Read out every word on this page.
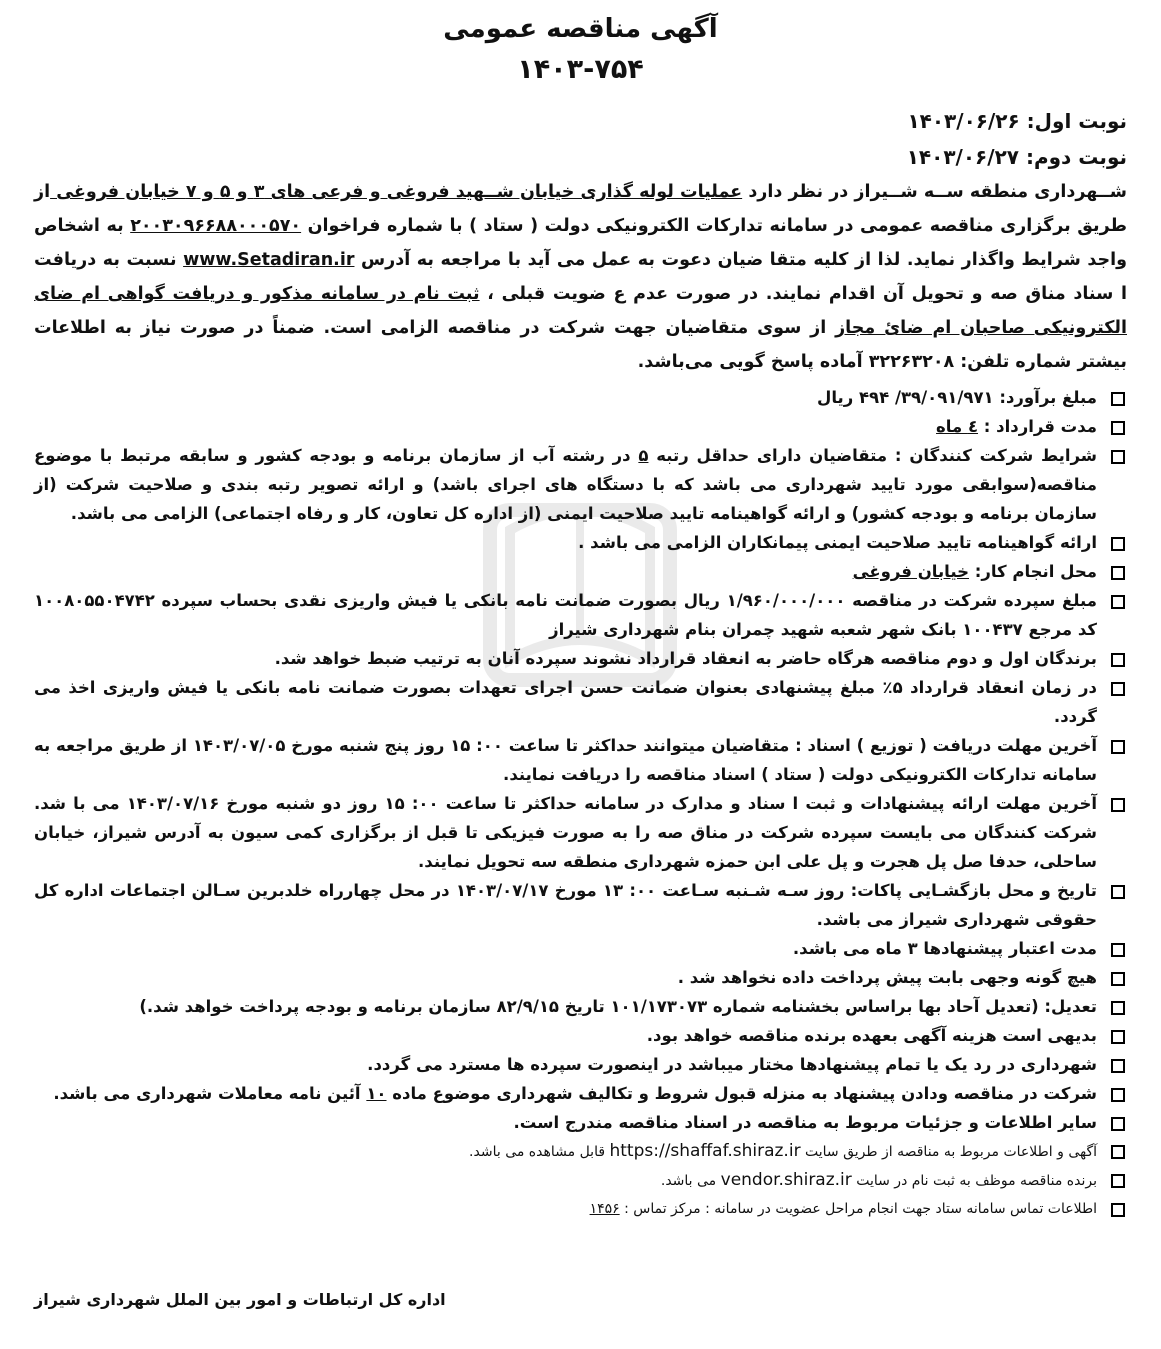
آگهی مناقصه عمومی
۱۴۰۳-۷۵۴
نوبت اول: ۱۴۰۳/۰۶/۲۶
نوبت دوم: ۱۴۰۳/۰۶/۲۷
شــهرداری منطقه ســه شــیراز در نظر دارد عملیات لوله گذاری خیابان شــهید فروغی و فرعی های ۳ و ۵ و ۷ خیابان فروغی از طریق برگزاری مناقصه عمومی در سامانه تدارکات الکترونیکی دولت ( ستاد ) با شماره فراخوان ۲۰۰۳۰۹۶۶۸۸۰۰۰۵۷۰ به اشخاص واجد شرایط واگذار نماید. لذا از کلیه متقا ضیان دعوت به عمل می آید با مراجعه به آدرس www.Setadiran.ir نسبت به دریافت ا سناد مناق صه و تحویل آن اقدام نمایند. در صورت عدم ع ضویت قبلی ، ثبت نام در سامانه مذکور و دریافت گواهی ام ضای الکترونیکی صاحبان ام ضائ مجاز از سوی متقاضیان جهت شرکت در مناقصه الزامی است. ضمناً در صورت نیاز به اطلاعات بیشتر شماره تلفن: ۳۲۲۶۳۲۰۸ آماده پاسخ گویی می‌باشد.
مبلغ برآورد: ۳۹/۰۹۱/۹۷۱/ ۴۹۴ ریال
مدت قرارداد : ٤ ماه
شرایط شرکت کنندگان : متقاضیان دارای حداقل رتبه ۵ در رشته آب از سازمان برنامه و بودجه کشور و سابقه مرتبط با موضوع مناقصه(سوابقی مورد تایید شهرداری می باشد که با دستگاه های اجرای باشد) و ارائه تصویر رتبه بندی و صلاحیت شرکت (از سازمان برنامه و بودجه کشور) و ارائه گواهینامه تایید صلاحیت ایمنی (از اداره کل تعاون، کار و رفاه اجتماعی) الزامی می باشد.
ارائه گواهینامه تایید صلاحیت ایمنی پیمانکاران الزامی می باشد .
محل انجام کار: خیابان فروغی
مبلغ سپرده شرکت در مناقصه ۱/۹۶۰/۰۰۰/۰۰۰ ریال بصورت ضمانت نامه بانکی یا فیش واریزی نقدی بحساب سپرده ۱۰۰۸۰۵۵۰۴۷۴۲ کد مرجع ۱۰۰۴۳۷ بانک شهر شعبه شهید چمران بنام شهرداری شیراز
برندگان اول و دوم مناقصه هرگاه حاضر به انعقاد قرارداد نشوند سپرده آنان به ترتیب ضبط خواهد شد.
در زمان انعقاد قرارداد ۵٪ مبلغ پیشنهادی بعنوان ضمانت حسن اجرای تعهدات بصورت ضمانت نامه بانکی یا فیش واریزی اخذ می گردد.
آخرین مهلت دریافت ( توزیع ) اسناد : متقاضیان میتوانند حداکثر تا ساعت ۰۰: ۱۵ روز پنج شنبه مورخ ۱۴۰۳/۰۷/۰۵ از طریق مراجعه به سامانه تدارکات الکترونیکی دولت ( ستاد ) اسناد مناقصه را دریافت نمایند.
آخرین مهلت ارائه پیشنهادات و ثبت ا سناد و مدارک در سامانه حداکثر تا ساعت ۰۰: ۱۵ روز دو شنبه مورخ ۱۴۰۳/۰۷/۱۶ می با شد. شرکت کنندگان می بایست سپرده شرکت در مناق صه را به صورت فیزیکی تا قبل از برگزاری کمی سیون به آدرس شیراز، خیابان ساحلی، حدفا صل پل هجرت و پل علی ابن حمزه شهرداری منطقه سه تحویل نمایند.
تاریخ و محل بازگشـایی پاکات: روز سـه شـنبه سـاعت ۰۰: ۱۳ مورخ ۱۴۰۳/۰۷/۱۷ در محل چهارراه خلدبرین سـالن اجتماعات اداره کل حقوقی شهرداری شیراز می باشد.
مدت اعتبار پیشنهادها ۳ ماه می باشد.
هیچ گونه وجهی بابت پیش پرداخت داده نخواهد شد .
تعدیل: (تعدیل آحاد بها براساس بخشنامه شماره ۱۰۱/۱۷۳۰۷۳ تاریخ ۸۲/۹/۱۵ سازمان برنامه و بودجه پرداخت خواهد شد.)
بدیهی است هزینه آگهی بعهده برنده مناقصه خواهد بود.
شهرداری در رد یک یا تمام پیشنهادها مختار میباشد در اینصورت سپرده ها مسترد می گردد.
شرکت در مناقصه ودادن پیشنهاد به منزله قبول شروط و تکالیف شهرداری موضوع ماده ۱۰ آئین نامه معاملات شهرداری می باشد.
سایر اطلاعات و جزئیات مربوط به مناقصه در اسناد مناقصه مندرج است.
آگهی و اطلاعات مربوط به مناقصه از طریق سایت https://shaffaf.shiraz.ir قابل مشاهده می باشد.
برنده مناقصه موظف به ثبت نام در سایت vendor.shiraz.ir می باشد.
اطلاعات تماس سامانه ستاد جهت انجام مراحل عضویت در سامانه : مرکز تماس : ۱۴۵۶
اداره کل ارتباطات و امور بین الملل شهرداری شیراز
